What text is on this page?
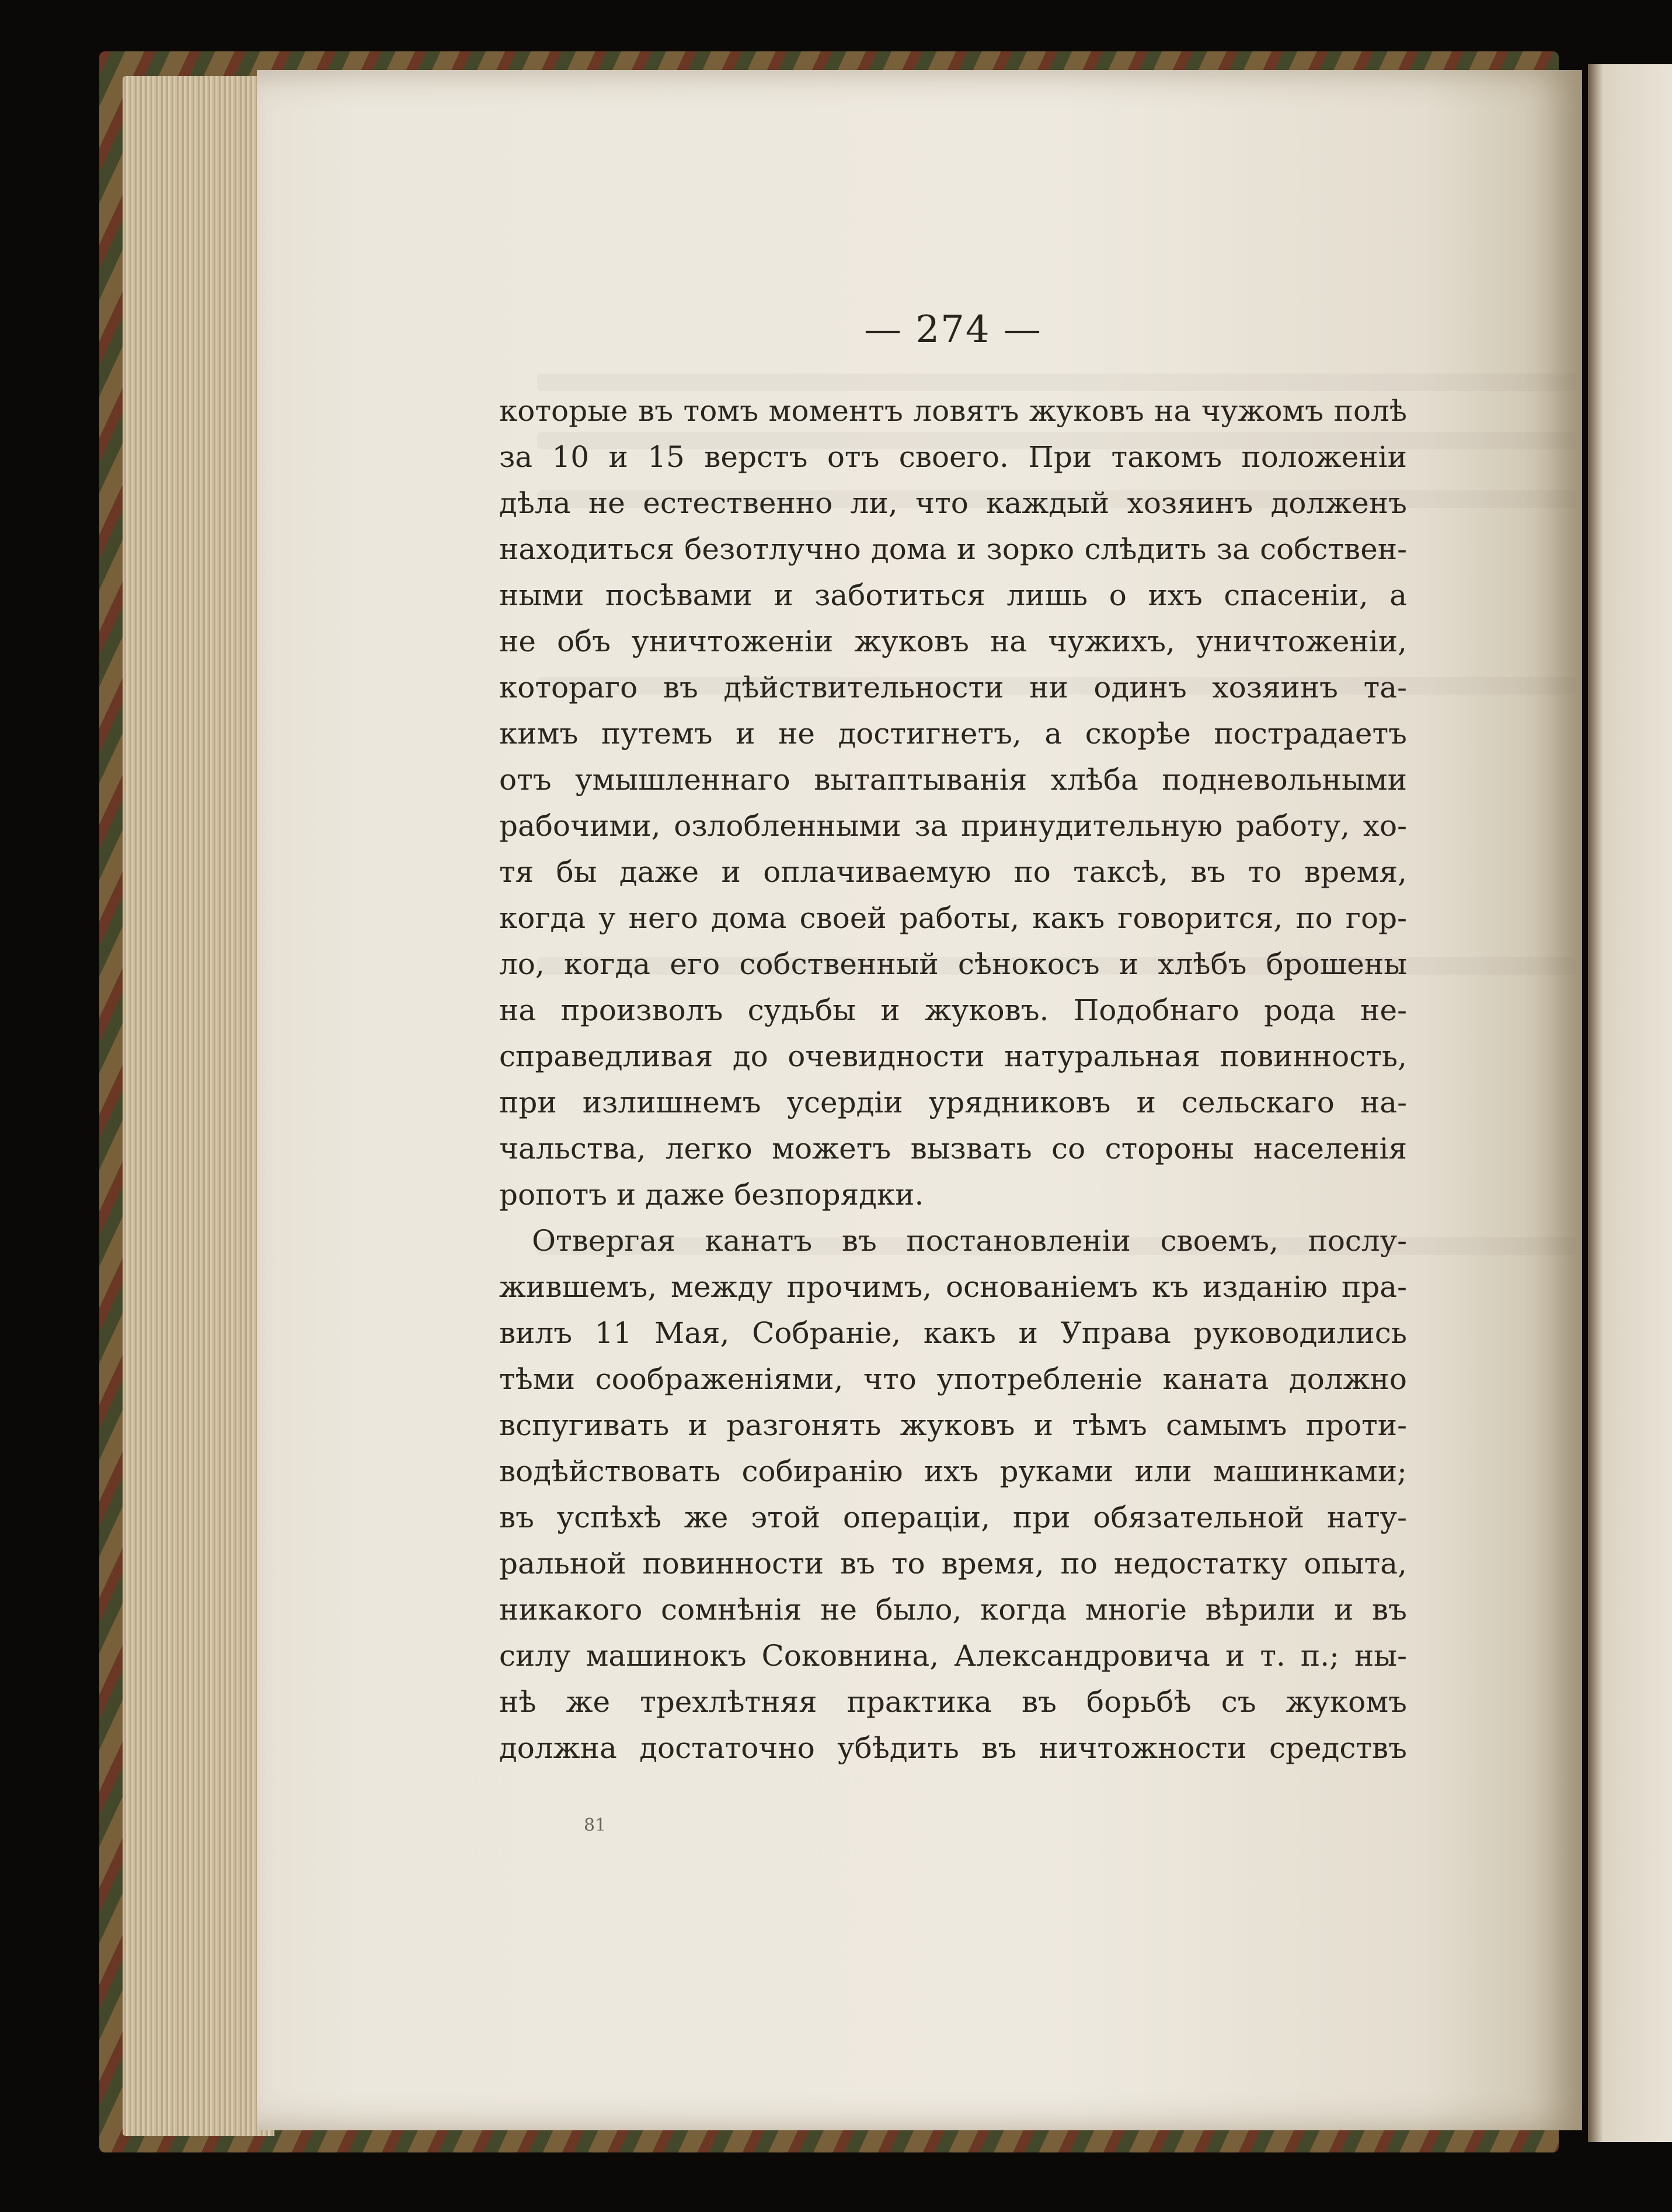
— 274 —
которые въ томъ моментъ ловятъ жуковъ на чужомъ полѣ
за 10 и 15 верстъ отъ своего. При такомъ положеніи
дѣла не естественно ли, что каждый хозяинъ долженъ
находиться безотлучно дома и зорко слѣдить за собствен-
ными посѣвами и заботиться лишь о ихъ спасеніи, а
не объ уничтоженіи жуковъ на чужихъ, уничтоженіи,
котораго въ дѣйствительности ни одинъ хозяинъ та-
кимъ путемъ и не достигнетъ, а скорѣе пострадаетъ
отъ умышленнаго вытаптыванія хлѣба подневольными
рабочими, озлобленными за принудительную работу, хо-
тя бы даже и оплачиваемую по таксѣ, въ то время,
когда у него дома своей работы, какъ говорится, по гор-
ло, когда его собственный сѣнокосъ и хлѣбъ брошены
на произволъ судьбы и жуковъ. Подобнаго рода не-
справедливая до очевидности натуральная повинность,
при излишнемъ усердіи урядниковъ и сельскаго на-
чальства, легко можетъ вызвать со стороны населенія
ропотъ и даже безпорядки.
Отвергая канатъ въ постановленіи своемъ, послу-
жившемъ, между прочимъ, основаніемъ къ изданію пра-
вилъ 11 Мая, Собраніе, какъ и Управа руководились
тѣми соображеніями, что употребленіе каната должно
вспугивать и разгонять жуковъ и тѣмъ самымъ проти-
водѣйствовать собиранію ихъ руками или машинками;
въ успѣхѣ же этой операціи, при обязательной нату-
ральной повинности въ то время, по недостатку опыта,
никакого сомнѣнія не было, когда многіе вѣрили и въ
силу машинокъ Соковнина, Александровича и т. п.; ны-
нѣ же трехлѣтняя практика въ борьбѣ съ жукомъ
должна достаточно убѣдить въ ничтожности средствъ
81
